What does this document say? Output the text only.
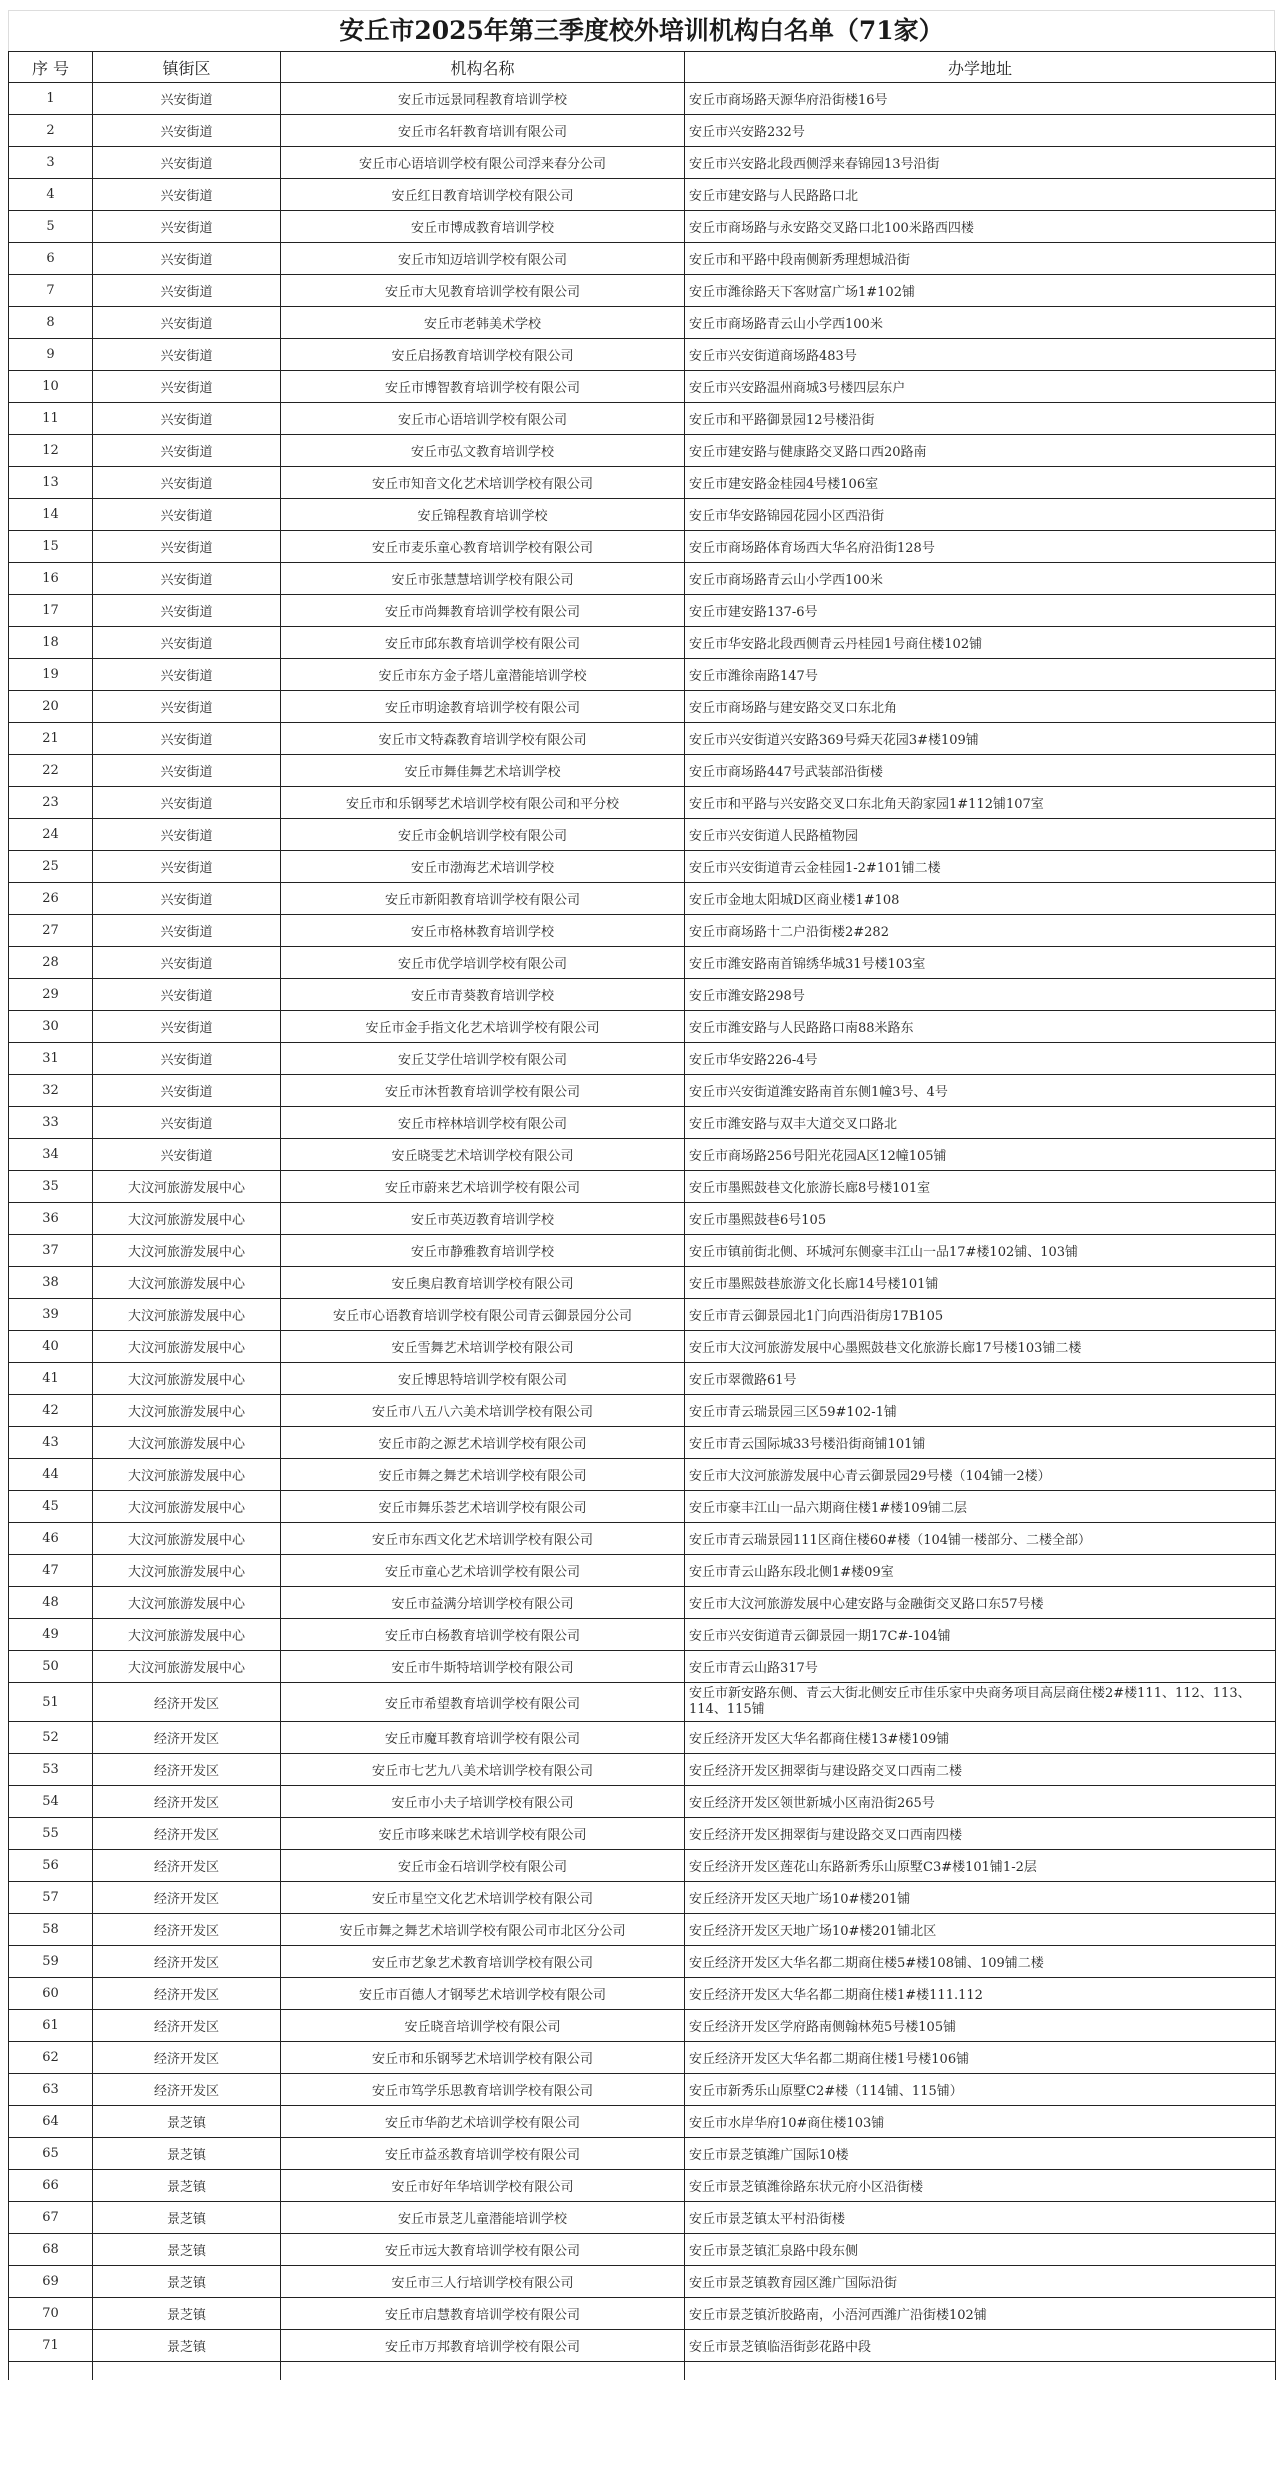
安丘市2025年第三季度校外培训机构白名单（71家）
序 号	镇街区	机构名称	办学地址
1	兴安街道	安丘市远景同程教育培训学校	安丘市商场路天源华府沿街楼16号
2	兴安街道	安丘市名轩教育培训有限公司	安丘市兴安路232号
3	兴安街道	安丘市心语培训学校有限公司浮来春分公司	安丘市兴安路北段西侧浮来春锦园13号沿街
4	兴安街道	安丘红日教育培训学校有限公司	安丘市建安路与人民路路口北
5	兴安街道	安丘市博成教育培训学校	安丘市商场路与永安路交叉路口北100米路西四楼
6	兴安街道	安丘市知迈培训学校有限公司	安丘市和平路中段南侧新秀理想城沿街
7	兴安街道	安丘市大见教育培训学校有限公司	安丘市潍徐路天下客财富广场1#102铺
8	兴安街道	安丘市老韩美术学校	安丘市商场路青云山小学西100米
9	兴安街道	安丘启扬教育培训学校有限公司	安丘市兴安街道商场路483号
10	兴安街道	安丘市博智教育培训学校有限公司	安丘市兴安路温州商城3号楼四层东户
11	兴安街道	安丘市心语培训学校有限公司	安丘市和平路御景园12号楼沿街
12	兴安街道	安丘市弘文教育培训学校	安丘市建安路与健康路交叉路口西20路南
13	兴安街道	安丘市知音文化艺术培训学校有限公司	安丘市建安路金桂园4号楼106室
14	兴安街道	安丘锦程教育培训学校	安丘市华安路锦园花园小区西沿街
15	兴安街道	安丘市麦乐童心教育培训学校有限公司	安丘市商场路体育场西大华名府沿街128号
16	兴安街道	安丘市张慧慧培训学校有限公司	安丘市商场路青云山小学西100米
17	兴安街道	安丘市尚舞教育培训学校有限公司	安丘市建安路137-6号
18	兴安街道	安丘市邱东教育培训学校有限公司	安丘市华安路北段西侧青云丹桂园1号商住楼102铺
19	兴安街道	安丘市东方金子塔儿童潜能培训学校	安丘市潍徐南路147号
20	兴安街道	安丘市明途教育培训学校有限公司	安丘市商场路与建安路交叉口东北角
21	兴安街道	安丘市文特森教育培训学校有限公司	安丘市兴安街道兴安路369号舜天花园3#楼109铺
22	兴安街道	安丘市舞佳舞艺术培训学校	安丘市商场路447号武装部沿街楼
23	兴安街道	安丘市和乐钢琴艺术培训学校有限公司和平分校	安丘市和平路与兴安路交叉口东北角天韵家园1#112铺107室
24	兴安街道	安丘市金帆培训学校有限公司	安丘市兴安街道人民路植物园
25	兴安街道	安丘市渤海艺术培训学校	安丘市兴安街道青云金桂园1-2#101铺二楼
26	兴安街道	安丘市新阳教育培训学校有限公司	安丘市金地太阳城D区商业楼1#108
27	兴安街道	安丘市格林教育培训学校	安丘市商场路十二户沿街楼2#282
28	兴安街道	安丘市优学培训学校有限公司	安丘市潍安路南首锦绣华城31号楼103室
29	兴安街道	安丘市青葵教育培训学校	安丘市潍安路298号
30	兴安街道	安丘市金手指文化艺术培训学校有限公司	安丘市潍安路与人民路路口南88米路东
31	兴安街道	安丘艾学仕培训学校有限公司	安丘市华安路226-4号
32	兴安街道	安丘市沐哲教育培训学校有限公司	安丘市兴安街道潍安路南首东侧1幢3号、4号
33	兴安街道	安丘市梓林培训学校有限公司	安丘市潍安路与双丰大道交叉口路北
34	兴安街道	安丘晓雯艺术培训学校有限公司	安丘市商场路256号阳光花园A区12幢105铺
35	大汶河旅游发展中心	安丘市蔚来艺术培训学校有限公司	安丘市墨熙鼓巷文化旅游长廊8号楼101室
36	大汶河旅游发展中心	安丘市英迈教育培训学校	安丘市墨熙鼓巷6号105
37	大汶河旅游发展中心	安丘市静雅教育培训学校	安丘市镇前街北侧、环城河东侧豪丰江山一品17#楼102铺、103铺
38	大汶河旅游发展中心	安丘奥启教育培训学校有限公司	安丘市墨熙鼓巷旅游文化长廊14号楼101铺
39	大汶河旅游发展中心	安丘市心语教育培训学校有限公司青云御景园分公司	安丘市青云御景园北1门向西沿街房17B105
40	大汶河旅游发展中心	安丘雪舞艺术培训学校有限公司	安丘市大汶河旅游发展中心墨熙鼓巷文化旅游长廊17号楼103铺二楼
41	大汶河旅游发展中心	安丘博思特培训学校有限公司	安丘市翠微路61号
42	大汶河旅游发展中心	安丘市八五八六美术培训学校有限公司	安丘市青云瑞景园三区59#102-1铺
43	大汶河旅游发展中心	安丘市韵之源艺术培训学校有限公司	安丘市青云国际城33号楼沿街商铺101铺
44	大汶河旅游发展中心	安丘市舞之舞艺术培训学校有限公司	安丘市大汶河旅游发展中心青云御景园29号楼（104铺一2楼）
45	大汶河旅游发展中心	安丘市舞乐荟艺术培训学校有限公司	安丘市豪丰江山一品六期商住楼1#楼109铺二层
46	大汶河旅游发展中心	安丘市东西文化艺术培训学校有限公司	安丘市青云瑞景园111区商住楼60#楼（104铺一楼部分、二楼全部）
47	大汶河旅游发展中心	安丘市童心艺术培训学校有限公司	安丘市青云山路东段北侧1#楼09室
48	大汶河旅游发展中心	安丘市益满分培训学校有限公司	安丘市大汶河旅游发展中心建安路与金融街交叉路口东57号楼
49	大汶河旅游发展中心	安丘市白杨教育培训学校有限公司	安丘市兴安街道青云御景园一期17C#-104铺
50	大汶河旅游发展中心	安丘市牛斯特培训学校有限公司	安丘市青云山路317号
51	经济开发区	安丘市希望教育培训学校有限公司	安丘市新安路东侧、青云大街北侧安丘市佳乐家中央商务项目高层商住楼2#楼111、112、113、114、115铺
52	经济开发区	安丘市魔耳教育培训学校有限公司	安丘经济开发区大华名都商住楼13#楼109铺
53	经济开发区	安丘市七艺九八美术培训学校有限公司	安丘经济开发区拥翠街与建设路交叉口西南二楼
54	经济开发区	安丘市小夫子培训学校有限公司	安丘经济开发区领世新城小区南沿街265号
55	经济开发区	安丘市哆来咪艺术培训学校有限公司	安丘经济开发区拥翠街与建设路交叉口西南四楼
56	经济开发区	安丘市金石培训学校有限公司	安丘经济开发区莲花山东路新秀乐山原墅C3#楼101铺1-2层
57	经济开发区	安丘市星空文化艺术培训学校有限公司	安丘经济开发区天地广场10#楼201铺
58	经济开发区	安丘市舞之舞艺术培训学校有限公司市北区分公司	安丘经济开发区天地广场10#楼201铺北区
59	经济开发区	安丘市艺象艺术教育培训学校有限公司	安丘经济开发区大华名都二期商住楼5#楼108铺、109铺二楼
60	经济开发区	安丘市百德人才钢琴艺术培训学校有限公司	安丘经济开发区大华名都二期商住楼1#楼111.112
61	经济开发区	安丘晓音培训学校有限公司	安丘经济开发区学府路南侧翰林苑5号楼105铺
62	经济开发区	安丘市和乐钢琴艺术培训学校有限公司	安丘经济开发区大华名都二期商住楼1号楼106铺
63	经济开发区	安丘市笃学乐思教育培训学校有限公司	安丘市新秀乐山原墅C2#楼（114铺、115铺）
64	景芝镇	安丘市华韵艺术培训学校有限公司	安丘市水岸华府10#商住楼103铺
65	景芝镇	安丘市益丞教育培训学校有限公司	安丘市景芝镇潍广国际10楼
66	景芝镇	安丘市好年华培训学校有限公司	安丘市景芝镇潍徐路东状元府小区沿街楼
67	景芝镇	安丘市景芝儿童潜能培训学校	安丘市景芝镇太平村沿街楼
68	景芝镇	安丘市远大教育培训学校有限公司	安丘市景芝镇汇泉路中段东侧
69	景芝镇	安丘市三人行培训学校有限公司	安丘市景芝镇教育园区潍广国际沿街
70	景芝镇	安丘市启慧教育培训学校有限公司	安丘市景芝镇沂胶路南，小浯河西潍广沿街楼102铺
71	景芝镇	安丘市万邦教育培训学校有限公司	安丘市景芝镇临浯街彭花路中段
